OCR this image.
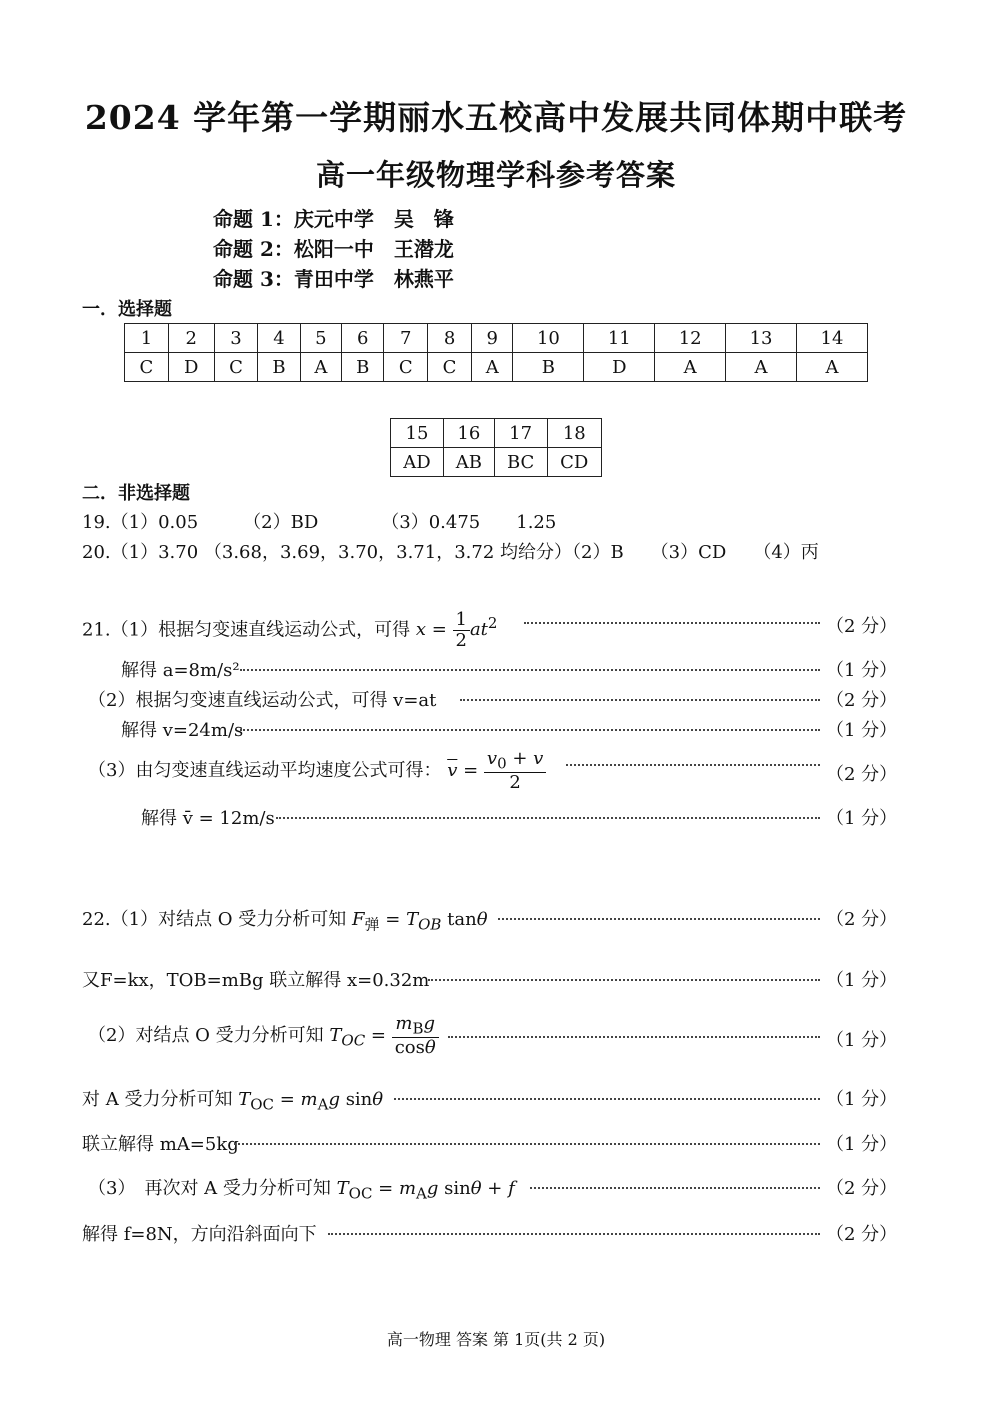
2024 学年第一学期丽水五校高中发展共同体期中联考
高一年级物理学科参考答案
命题 1：庆元中学　吴　锋
命题 2：松阳一中　王潜龙
命题 3：青田中学　林燕平
一．选择题
1	2	3	4	5	6	7	8	9	10	11	12	13	14
C	D	C	B	A	B	C	C	A	B	D	A	A	A
15	16	17	18
AD	AB	BC	CD
二．非选择题
19.（1）0.05　　　（2）BD　　　　（3）0.475　　1.25
20.（1）3.70 （3.68，3.69，3.70，3.71，3.72 均给分）（2）B　　（3）CD　　（4）丙
21.（1）根据匀变速直线运动公式，可得 $x = \frac{1}{2} at^2$	（2 分）
解得 a=8m/s²	（1 分）
（2）根据匀变速直线运动公式，可得 v=at	（2 分）
解得 v=24m/s	（1 分）
（3）由匀变速直线运动平均速度公式可得： $\overline{v} = \frac{v_0 + v}{2}$	（2 分）
解得 v̄ = 12m/s	（1 分）
22.（1）对结点 O 受力分析可知 $F_弹 = T_{OB}$ tanθ	（2 分）
又F=kx，TOB=mBg 联立解得 x=0.32m	（1 分）
（2）对结点 O 受力分析可知 $T_{OC} = \frac{m_Bg}{\cos\theta}$	（1 分）
对 A 受力分析可知 $T_{OC} = m_Ag$ sinθ	（1 分）
联立解得 mA=5kg	（1 分）
（3）　再次对 A 受力分析可知 $T_{OC} = m_Ag$ sinθ + f	（2 分）
解得 f=8N，方向沿斜面向下	（2 分）
高一物理 答案 第 1页(共 2 页)
